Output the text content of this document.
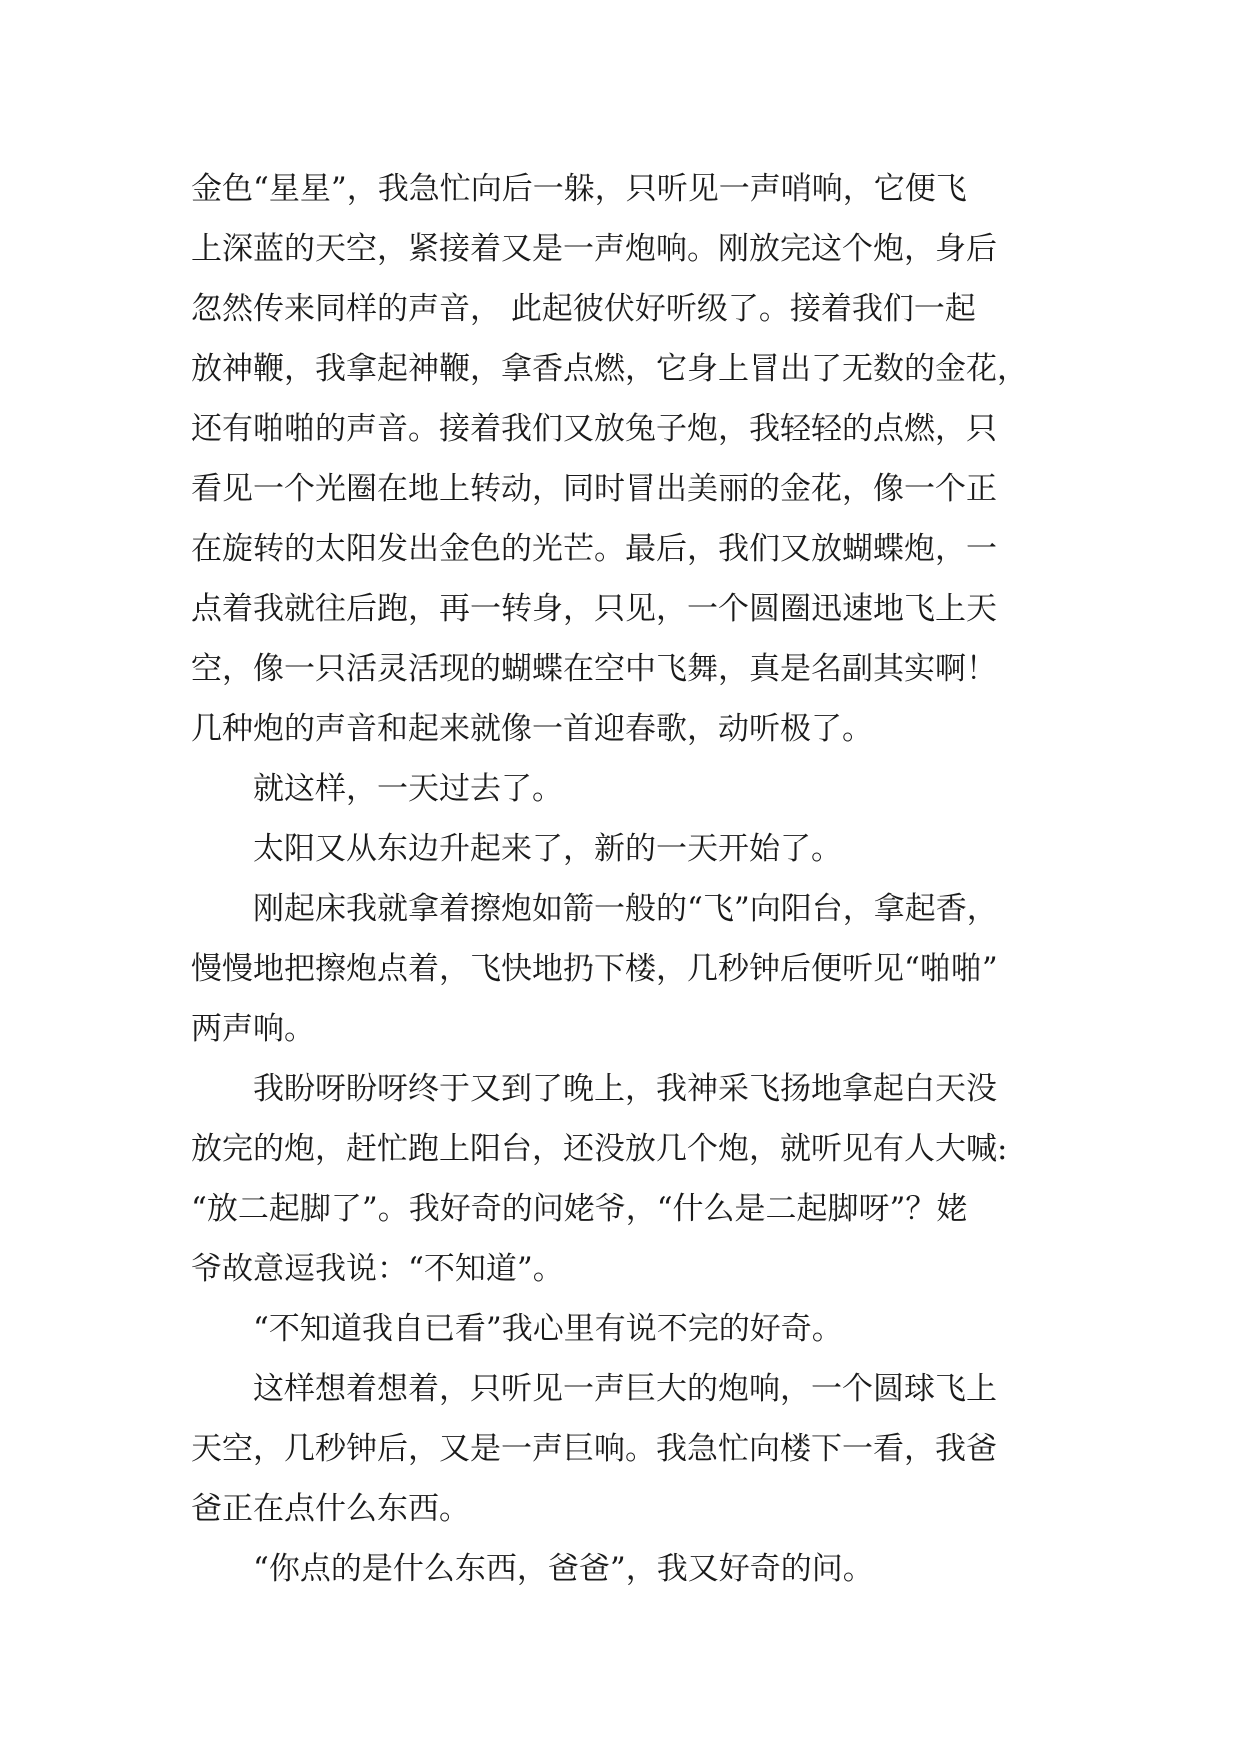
金色“星星”，我急忙向后一躲，只听见一声哨响，它便飞
上深蓝的天空，紧接着又是一声炮响。刚放完这个炮，身后
忽然传来同样的声音， 此起彼伏好听级了。接着我们一起
放神鞭，我拿起神鞭，拿香点燃，它身上冒出了无数的金花，
还有啪啪的声音。接着我们又放兔子炮，我轻轻的点燃，只
看见一个光圈在地上转动，同时冒出美丽的金花，像一个正
在旋转的太阳发出金色的光芒。最后，我们又放蝴蝶炮，一
点着我就往后跑，再一转身，只见，一个圆圈迅速地飞上天
空，像一只活灵活现的蝴蝶在空中飞舞，真是名副其实啊！
几种炮的声音和起来就像一首迎春歌，动听极了。

就这样，一天过去了。

太阳又从东边升起来了，新的一天开始了。

刚起床我就拿着擦炮如箭一般的“飞”向阳台，拿起香，
慢慢地把擦炮点着，飞快地扔下楼，几秒钟后便听见“啪啪”
两声响。

我盼呀盼呀终于又到了晚上，我神采飞扬地拿起白天没
放完的炮，赶忙跑上阳台，还没放几个炮，就听见有人大喊:
“放二起脚了”。我好奇的问姥爷，“什么是二起脚呀”？姥
爷故意逗我说：“不知道”。

“不知道我自已看”我心里有说不完的好奇。

这样想着想着，只听见一声巨大的炮响，一个圆球飞上
天空，几秒钟后，又是一声巨响。我急忙向楼下一看，我爸
爸正在点什么东西。

“你点的是什么东西，爸爸”，我又好奇的问。
